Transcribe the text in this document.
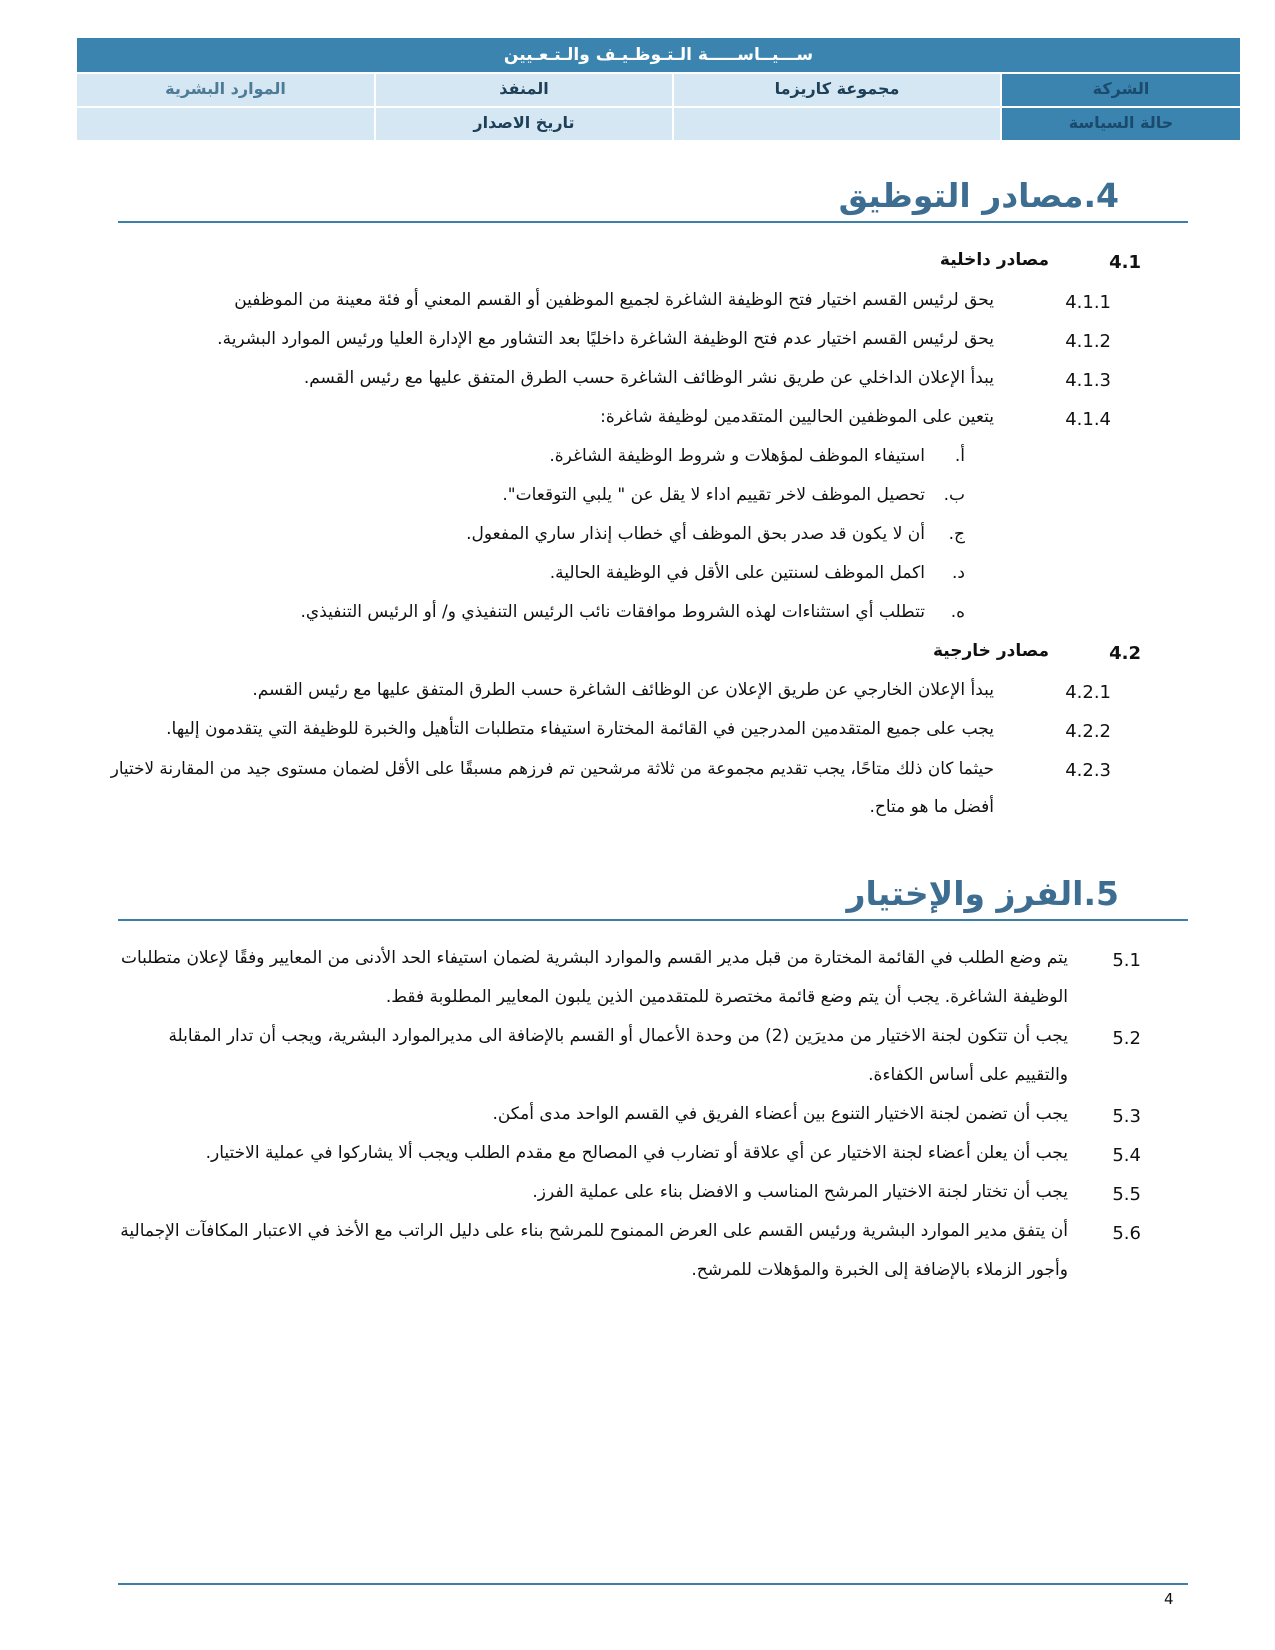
ســـيــاســـــة الـتـوظـيـف والـتـعـيين
الشركة
مجموعة كاريزما
المنفذ
الموارد البشرية
حالة السياسة
تاريخ الاصدار
4.مصادر التوظيق
4.1
مصادر داخلية
4.1.1
يحق لرئيس القسم اختيار فتح الوظيفة الشاغرة لجميع الموظفين أو القسم المعني أو فئة معينة من الموظفين
4.1.2
يحق لرئيس القسم اختيار عدم فتح الوظيفة الشاغرة داخليًا بعد التشاور مع الإدارة العليا ورئيس الموارد البشرية.
4.1.3
يبدأ الإعلان الداخلي عن طريق نشر الوظائف الشاغرة حسب الطرق المتفق عليها مع رئيس القسم.
4.1.4
يتعين على الموظفين الحاليين المتقدمين لوظيفة شاغرة:
أ.
استيفاء الموظف لمؤهلات و شروط الوظيفة الشاغرة.
ب.
تحصيل الموظف لاخر تقييم اداء لا يقل عن " يلبي التوقعات".
ج.
أن لا يكون قد صدر بحق الموظف أي خطاب إنذار ساري المفعول.
د.
اكمل الموظف لسنتين على الأقل في الوظيفة الحالية.
ه.
تتطلب أي استثناءات لهذه الشروط موافقات نائب الرئيس التنفيذي و/ أو الرئيس التنفيذي.
4.2
مصادر خارجية
4.2.1
يبدأ الإعلان الخارجي عن طريق الإعلان عن الوظائف الشاغرة حسب الطرق المتفق عليها مع رئيس القسم.
4.2.2
يجب على جميع المتقدمين المدرجين في القائمة المختارة استيفاء متطلبات التأهيل والخبرة للوظيفة التي يتقدمون إليها.
4.2.3
حيثما كان ذلك متاحًا، يجب تقديم مجموعة من ثلاثة مرشحين تم فرزهم مسبقًا على الأقل لضمان مستوى جيد من المقارنة لاختيار
أفضل ما هو متاح.
5.الفرز والإختيار
5.1
يتم وضع الطلب في القائمة المختارة من قبل مدير القسم والموارد البشرية لضمان استيفاء الحد الأدنى من المعايير وفقًا لإعلان متطلبات
الوظيفة الشاغرة. يجب أن يتم وضع قائمة مختصرة للمتقدمين الذين يلبون المعايير المطلوبة فقط.
5.2
يجب أن تتكون لجنة الاختيار من مديرَين (2) من وحدة الأعمال أو القسم بالإضافة الى مديرالموارد البشرية، ويجب أن تدار المقابلة
والتقييم على أساس الكفاءة.
5.3
يجب أن تضمن لجنة الاختيار التنوع بين أعضاء الفريق في القسم الواحد مدى أمكن.
5.4
يجب أن يعلن أعضاء لجنة الاختيار عن أي علاقة أو تضارب في المصالح مع مقدم الطلب ويجب ألا يشاركوا في عملية الاختيار.
5.5
يجب أن تختار لجنة الاختيار المرشح المناسب و الافضل بناء على عملية الفرز.
5.6
أن يتفق مدير الموارد البشرية ورئيس القسم على العرض الممنوح للمرشح بناء على دليل الراتب مع الأخذ في الاعتبار المكافآت الإجمالية
وأجور الزملاء بالإضافة إلى الخبرة والمؤهلات للمرشح.
4
